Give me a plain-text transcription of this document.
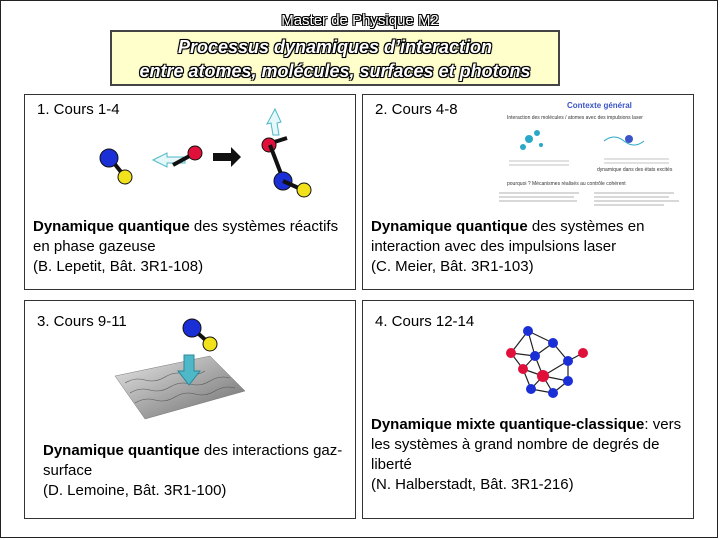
Master de Physique M2
Processus dynamiques d’interaction
entre atomes, molécules, surfaces et photons
1. Cours 1-4
Dynamique quantique des systèmes réactifs en phase gazeuse
(B. Lepetit, Bât. 3R1-108)
2. Cours 4-8	Contexte général
Interaction des molécules / atomes avec des impulsions laser
dynamique dans des états excités
pourquoi ? Mécanismes réalisés au contrôle cohérent
Dynamique quantique des systèmes en interaction avec des impulsions laser
(C. Meier, Bât. 3R1-103)
3. Cours 9-11
Dynamique quantique des interactions gaz-surface
(D. Lemoine, Bât. 3R1-100)
4. Cours 12-14
Dynamique mixte quantique-classique: vers les systèmes à grand nombre de degrés de liberté
(N. Halberstadt, Bât. 3R1-216)
